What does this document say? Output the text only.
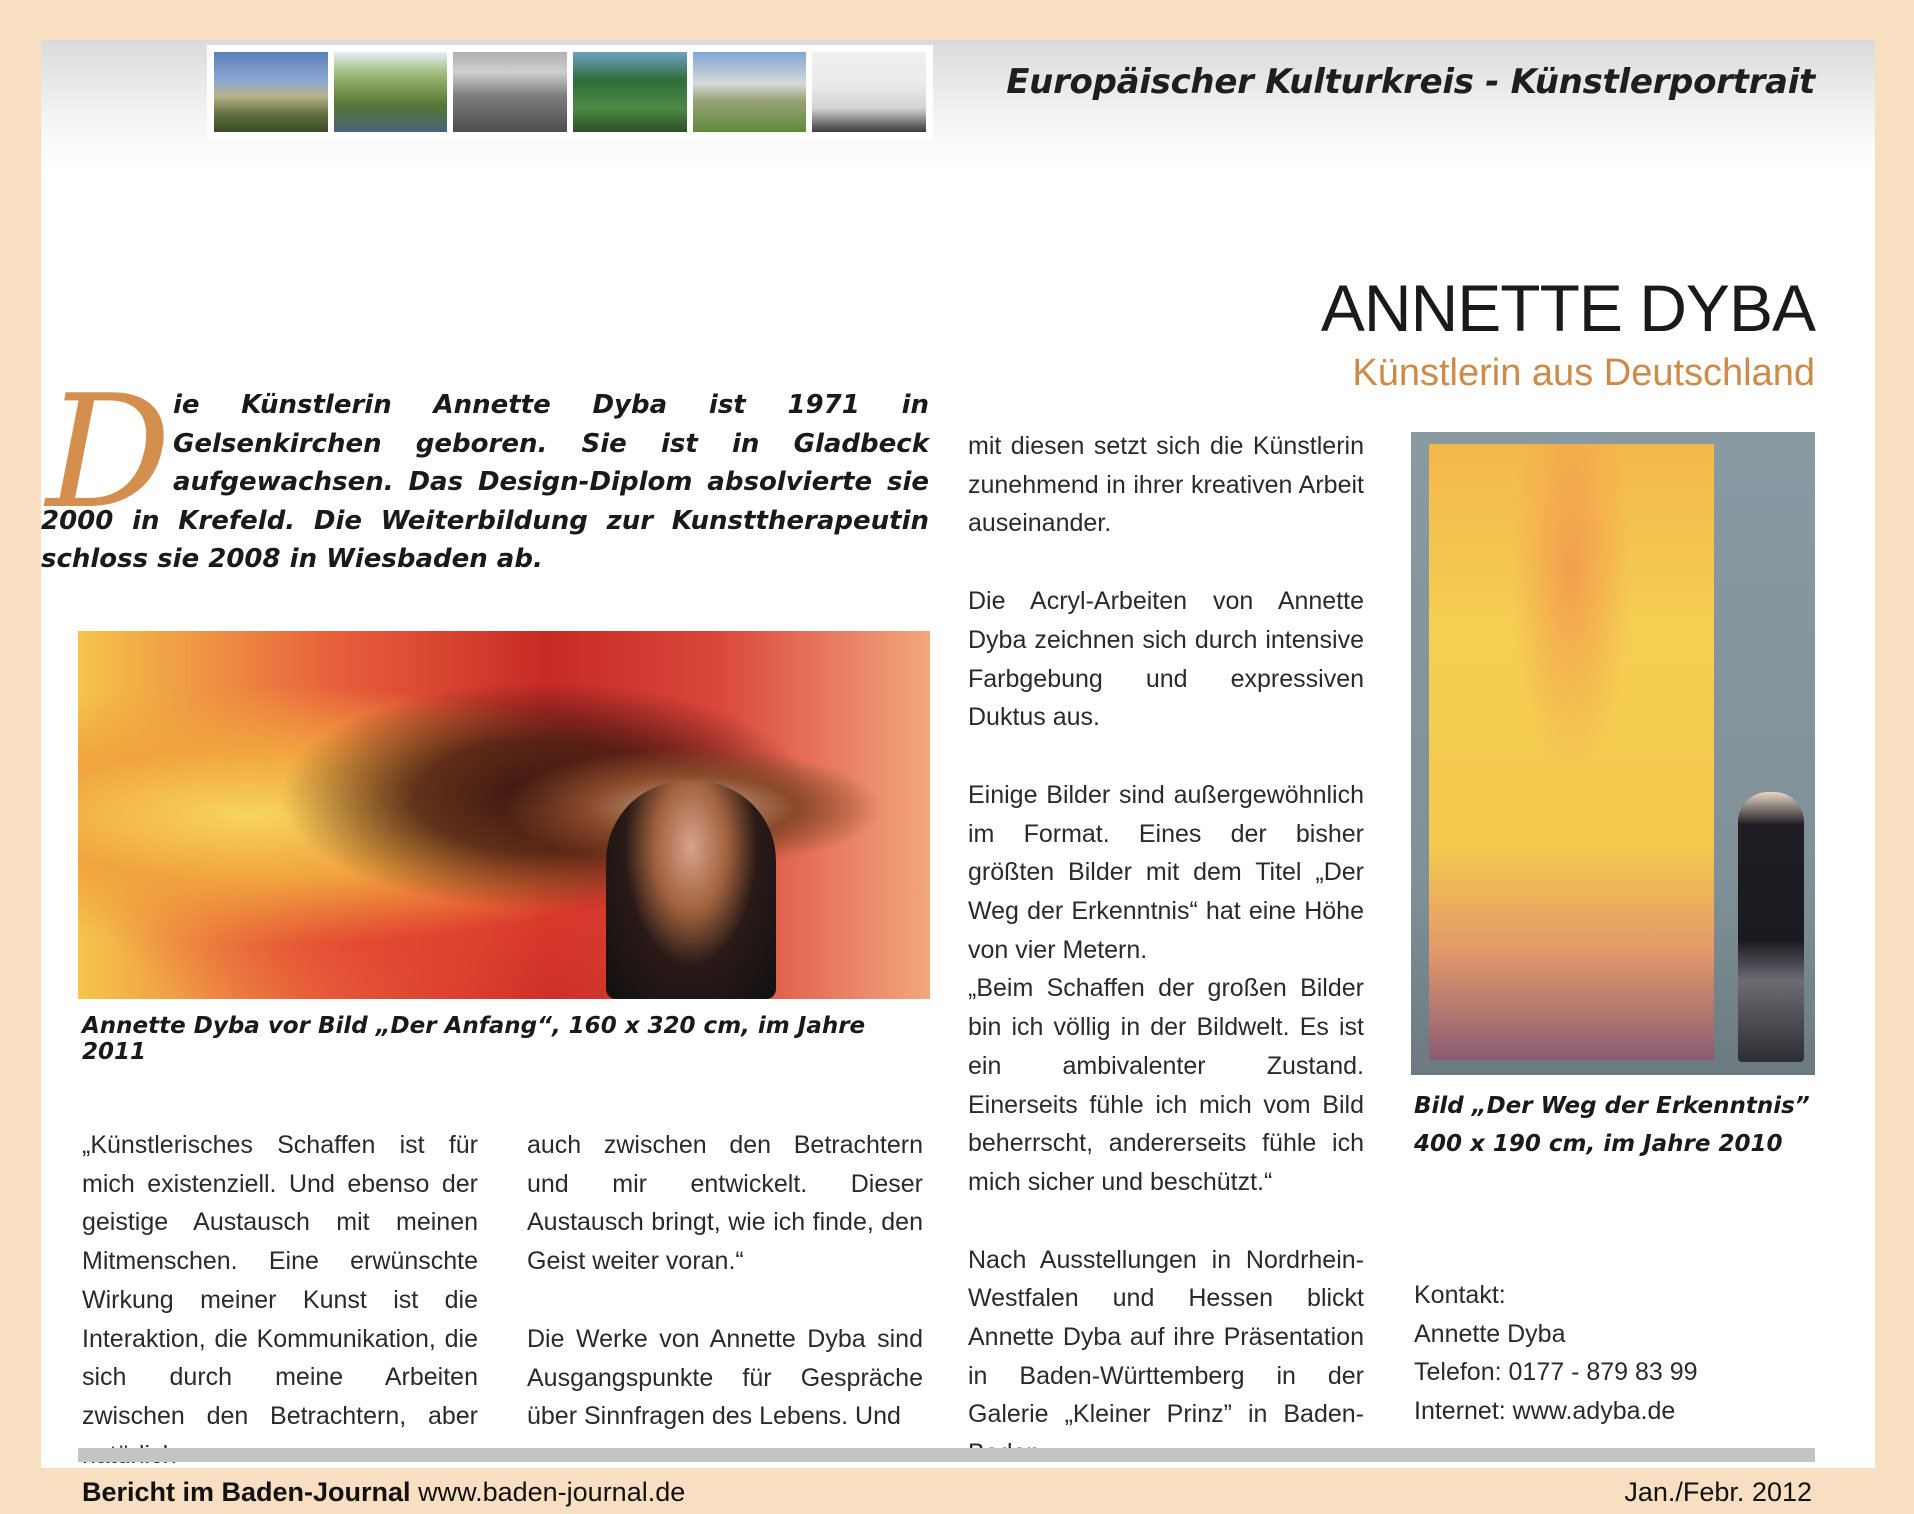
Europäischer Kulturkreis - Künstlerportrait
ANNETTE DYBA
Künstlerin aus Deutschland
D ie Künstlerin Annette Dyba ist 1971 in Gelsenkirchen geboren. Sie ist in Gladbeck aufgewachsen. Das Design-Diplom absolvierte sie 2000 in Krefeld. Die Weiterbildung zur Kunsttherapeutin schloss sie 2008 in Wiesbaden ab.
Annette Dyba vor Bild „Der Anfang“, 160 x 320 cm, im Jahre 2011

„Künstlerisches Schaffen ist für mich existenziell. Und ebenso der geistige Austausch mit meinen Mitmenschen. Eine erwünschte Wirkung meiner Kunst ist die Interaktion, die Kommunikation, die sich durch meine Arbeiten zwischen den Betrachtern, aber

auch zwischen den Betrachtern und mir entwickelt. Dieser Austausch bringt, wie ich finde, den Geist weiter voran.“

Die Werke von Annette Dyba sind Ausgangspunkte für Gespräche über Sinnfragen des Lebens. Und

mit diesen setzt sich die Künstlerin zunehmend in ihrer kreativen Arbeit auseinander.

Die Acryl-Arbeiten von Annette Dyba zeichnen sich durch intensive Farbgebung und expressiven Duktus aus.

Einige Bilder sind außergewöhnlich im Format. Eines der bisher größten Bilder mit dem Titel „Der Weg der Erkenntnis“ hat eine Höhe von vier Metern.

„Beim Schaffen der großen Bilder bin ich völlig in der Bildwelt. Es ist ein ambivalenter Zustand. Einerseits fühle ich mich vom Bild beherrscht, andererseits fühle ich mich sicher und beschützt.“

Nach Ausstellungen in Nordrhein-Westfalen und Hessen blickt Annette Dyba auf ihre Präsentation in Baden-Württemberg in der Galerie „Kleiner Prinz” in Baden-

Bild „Der Weg der Erkenntnis”
400 x 190 cm, im Jahre 2010
Kontakt:
Annette Dyba
Telefon: 0177 - 879 83 99
Internet: www.adyba.de
Bericht im Baden-Journal www.baden-journal.de	Jan./Febr. 2012
